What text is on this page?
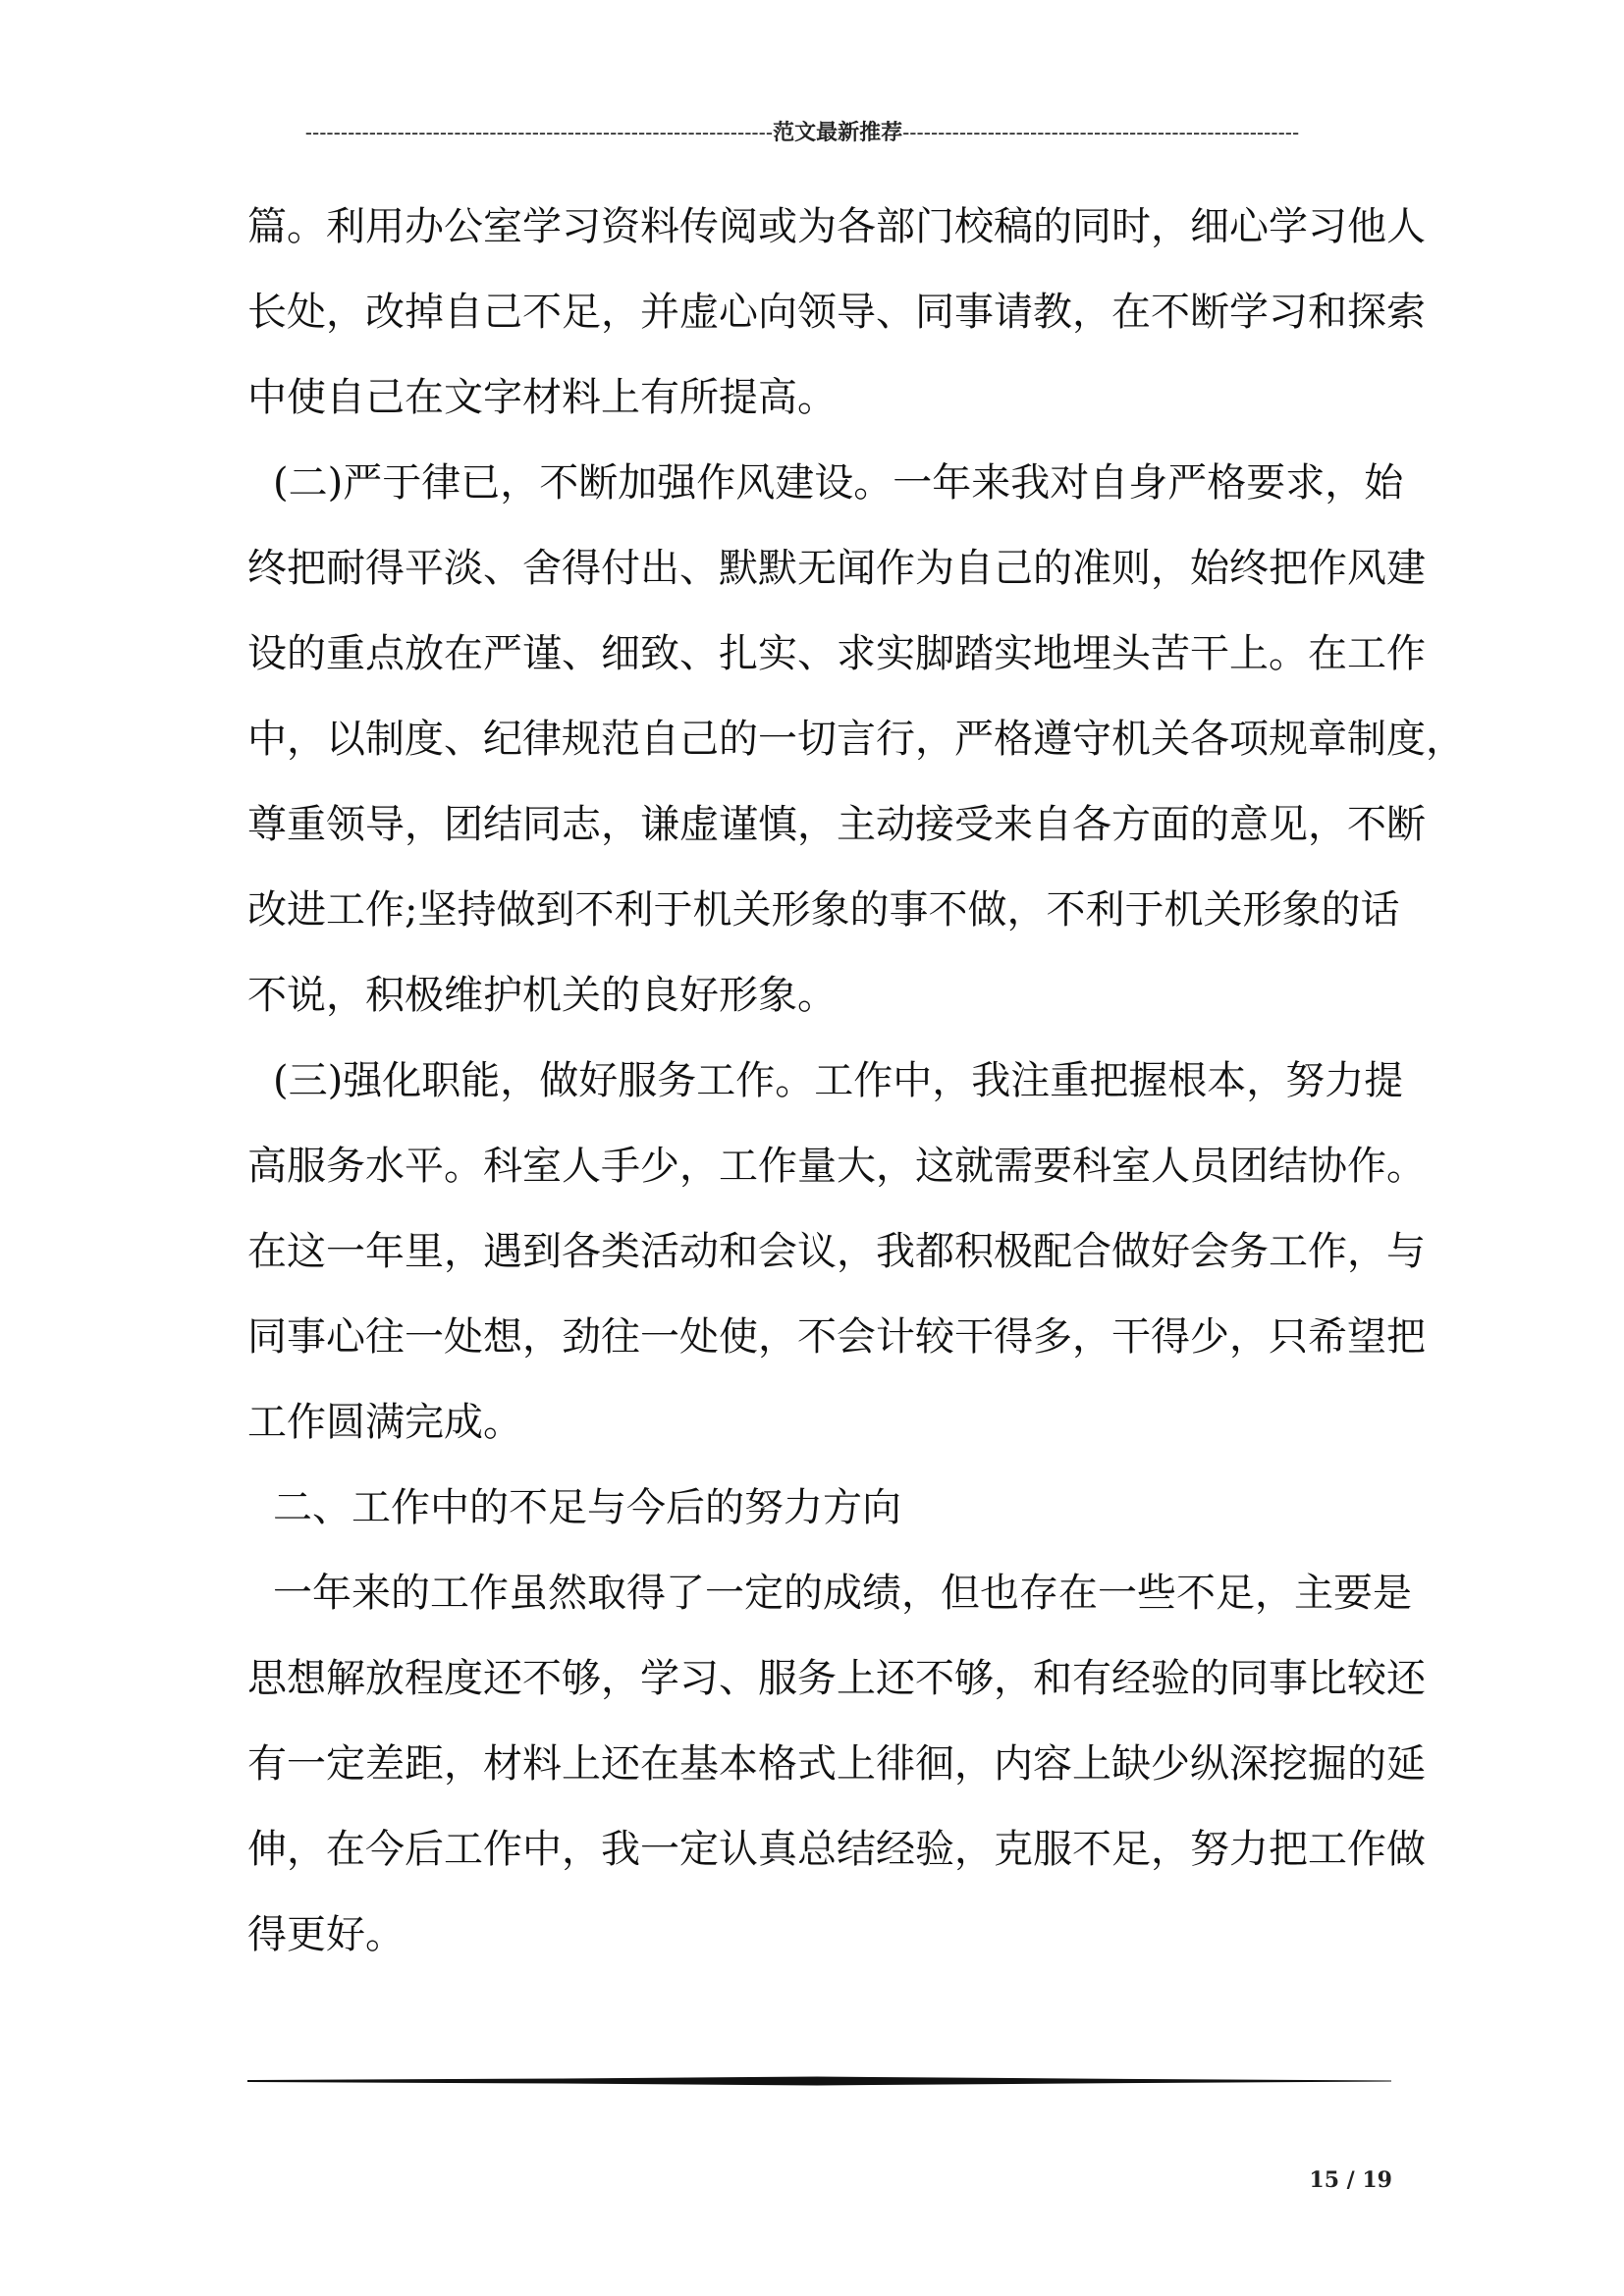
------------------------------------------------------------------范文最新推荐--------------------------------------------------------
篇。利用办公室学习资料传阅或为各部门校稿的同时，细心学习他人
长处，改掉自己不足，并虚心向领导、同事请教，在不断学习和探索
中使自己在文字材料上有所提高。
(二)严于律已，不断加强作风建设。一年来我对自身严格要求，始
终把耐得平淡、舍得付出、默默无闻作为自己的准则，始终把作风建
设的重点放在严谨、细致、扎实、求实脚踏实地埋头苦干上。在工作
中，以制度、纪律规范自己的一切言行，严格遵守机关各项规章制度，
尊重领导，团结同志，谦虚谨慎，主动接受来自各方面的意见，不断
改进工作;坚持做到不利于机关形象的事不做，不利于机关形象的话
不说，积极维护机关的良好形象。
(三)强化职能，做好服务工作。工作中，我注重把握根本，努力提
高服务水平。科室人手少，工作量大，这就需要科室人员团结协作。
在这一年里，遇到各类活动和会议，我都积极配合做好会务工作，与
同事心往一处想，劲往一处使，不会计较干得多，干得少，只希望把
工作圆满完成。
二、工作中的不足与今后的努力方向
一年来的工作虽然取得了一定的成绩，但也存在一些不足，主要是
思想解放程度还不够，学习、服务上还不够，和有经验的同事比较还
有一定差距，材料上还在基本格式上徘徊，内容上缺少纵深挖掘的延
伸，在今后工作中，我一定认真总结经验，克服不足，努力把工作做
得更好。
15 / 19
